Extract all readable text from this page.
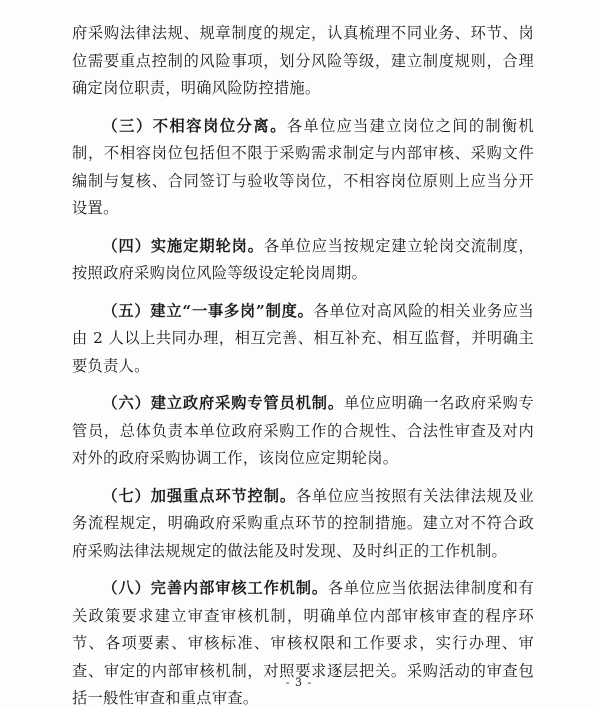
府采购法律法规、规章制度的规定，认真梳理不同业务、环节、岗位需要重点控制的风险事项，划分风险等级，建立制度规则，合理确定岗位职责，明确风险防控措施。

（三）不相容岗位分离。各单位应当建立岗位之间的制衡机制，不相容岗位包括但不限于采购需求制定与内部审核、采购文件编制与复核、合同签订与验收等岗位，不相容岗位原则上应当分开设置。

（四）实施定期轮岗。各单位应当按规定建立轮岗交流制度，按照政府采购岗位风险等级设定轮岗周期。

（五）建立“一事多岗”制度。各单位对高风险的相关业务应当由 2 人以上共同办理，相互完善、相互补充、相互监督，并明确主要负责人。

（六）建立政府采购专管员机制。单位应明确一名政府采购专管员，总体负责本单位政府采购工作的合规性、合法性审查及对内对外的政府采购协调工作，该岗位应定期轮岗。

（七）加强重点环节控制。各单位应当按照有关法律法规及业务流程规定，明确政府采购重点环节的控制措施。建立对不符合政府采购法律法规规定的做法能及时发现、及时纠正的工作机制。

（八）完善内部审核工作机制。各单位应当依据法律制度和有关政策要求建立审查审核机制，明确单位内部审核审查的程序环节、各项要素、审核标准、审核权限和工作要求，实行办理、审查、审定的内部审核机制，对照要求逐层把关。采购活动的审查包括一般性审查和重点审查。

- 3 -
